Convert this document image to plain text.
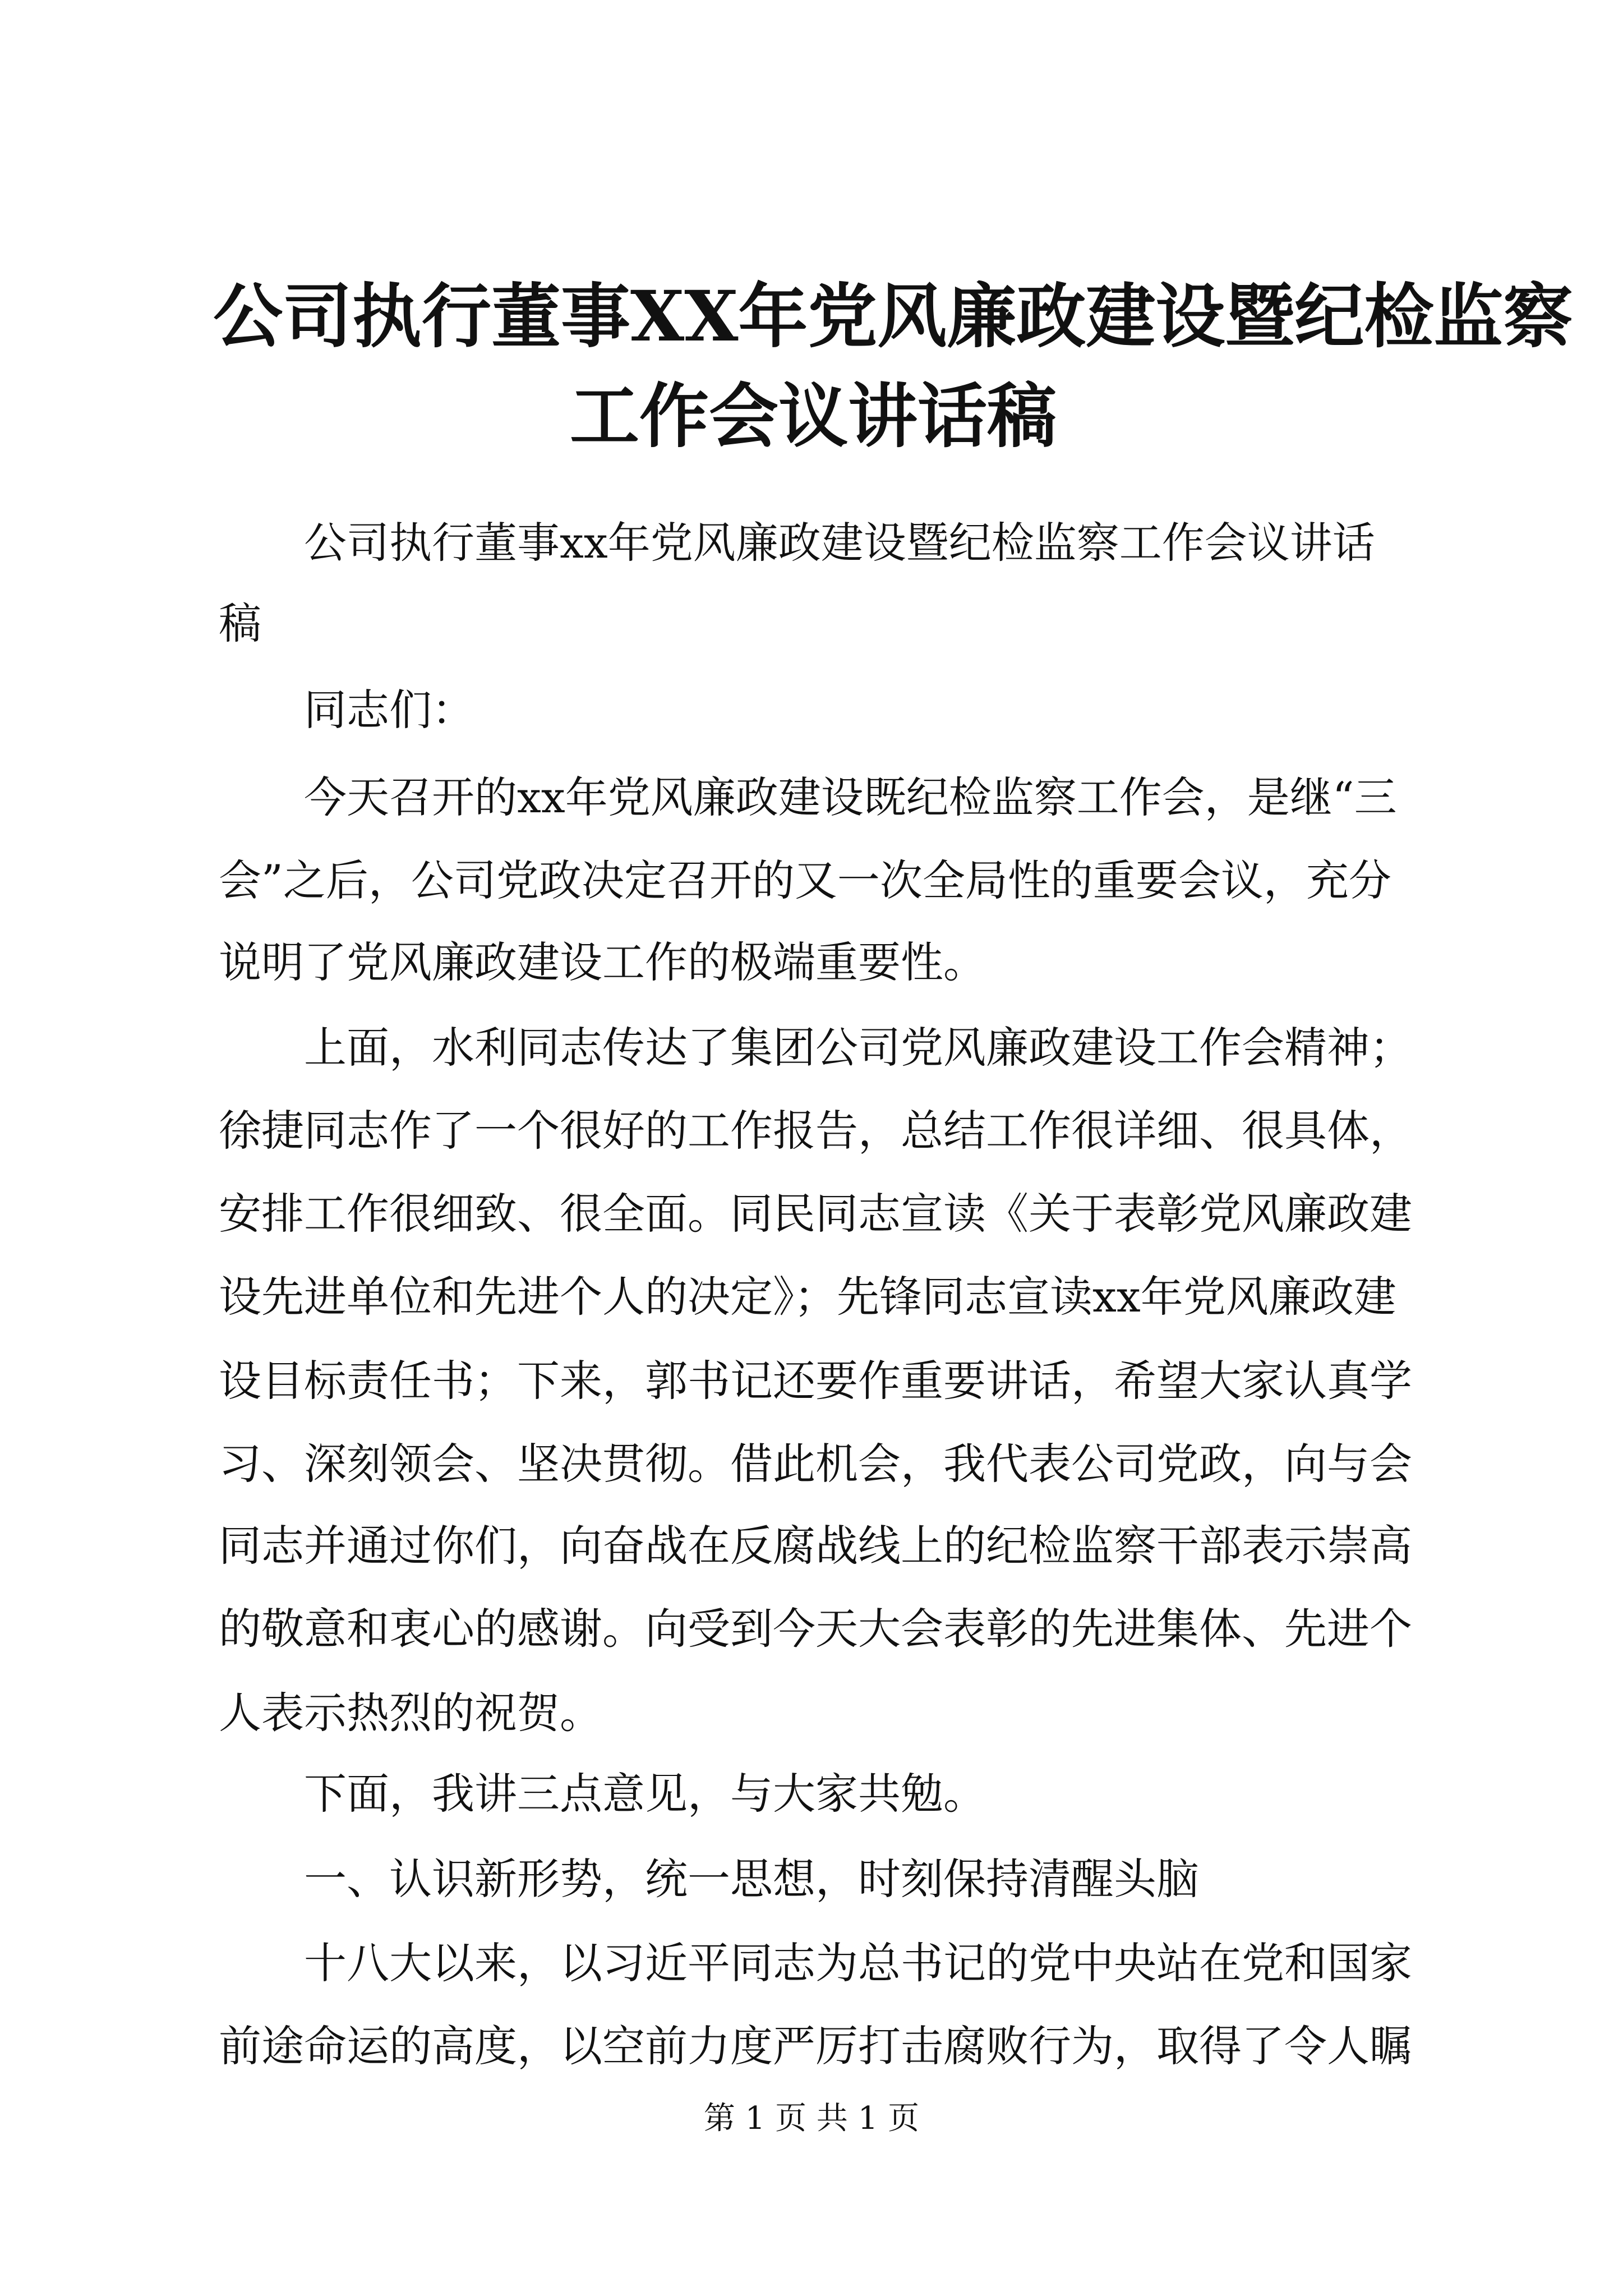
公司执行董事XX年党风廉政建设暨纪检监察
工作会议讲话稿

　　公司执行董事xx年党风廉政建设暨纪检监察工作会议讲话

稿

　　同志们：

　　今天召开的xx年党风廉政建设既纪检监察工作会，是继“三

会”之后，公司党政决定召开的又一次全局性的重要会议，充分

说明了党风廉政建设工作的极端重要性。

　　上面，水利同志传达了集团公司党风廉政建设工作会精神；

徐捷同志作了一个很好的工作报告，总结工作很详细、很具体，

安排工作很细致、很全面。同民同志宣读《关于表彰党风廉政建

设先进单位和先进个人的决定》；先锋同志宣读xx年党风廉政建

设目标责任书；下来，郭书记还要作重要讲话，希望大家认真学

习、深刻领会、坚决贯彻。借此机会，我代表公司党政，向与会

同志并通过你们，向奋战在反腐战线上的纪检监察干部表示崇高

的敬意和衷心的感谢。向受到今天大会表彰的先进集体、先进个

人表示热烈的祝贺。

　　下面，我讲三点意见，与大家共勉。

　　一、认识新形势，统一思想，时刻保持清醒头脑

　　十八大以来，以习近平同志为总书记的党中央站在党和国家

前途命运的高度，以空前力度严厉打击腐败行为，取得了令人瞩

第 1 页 共 1 页
